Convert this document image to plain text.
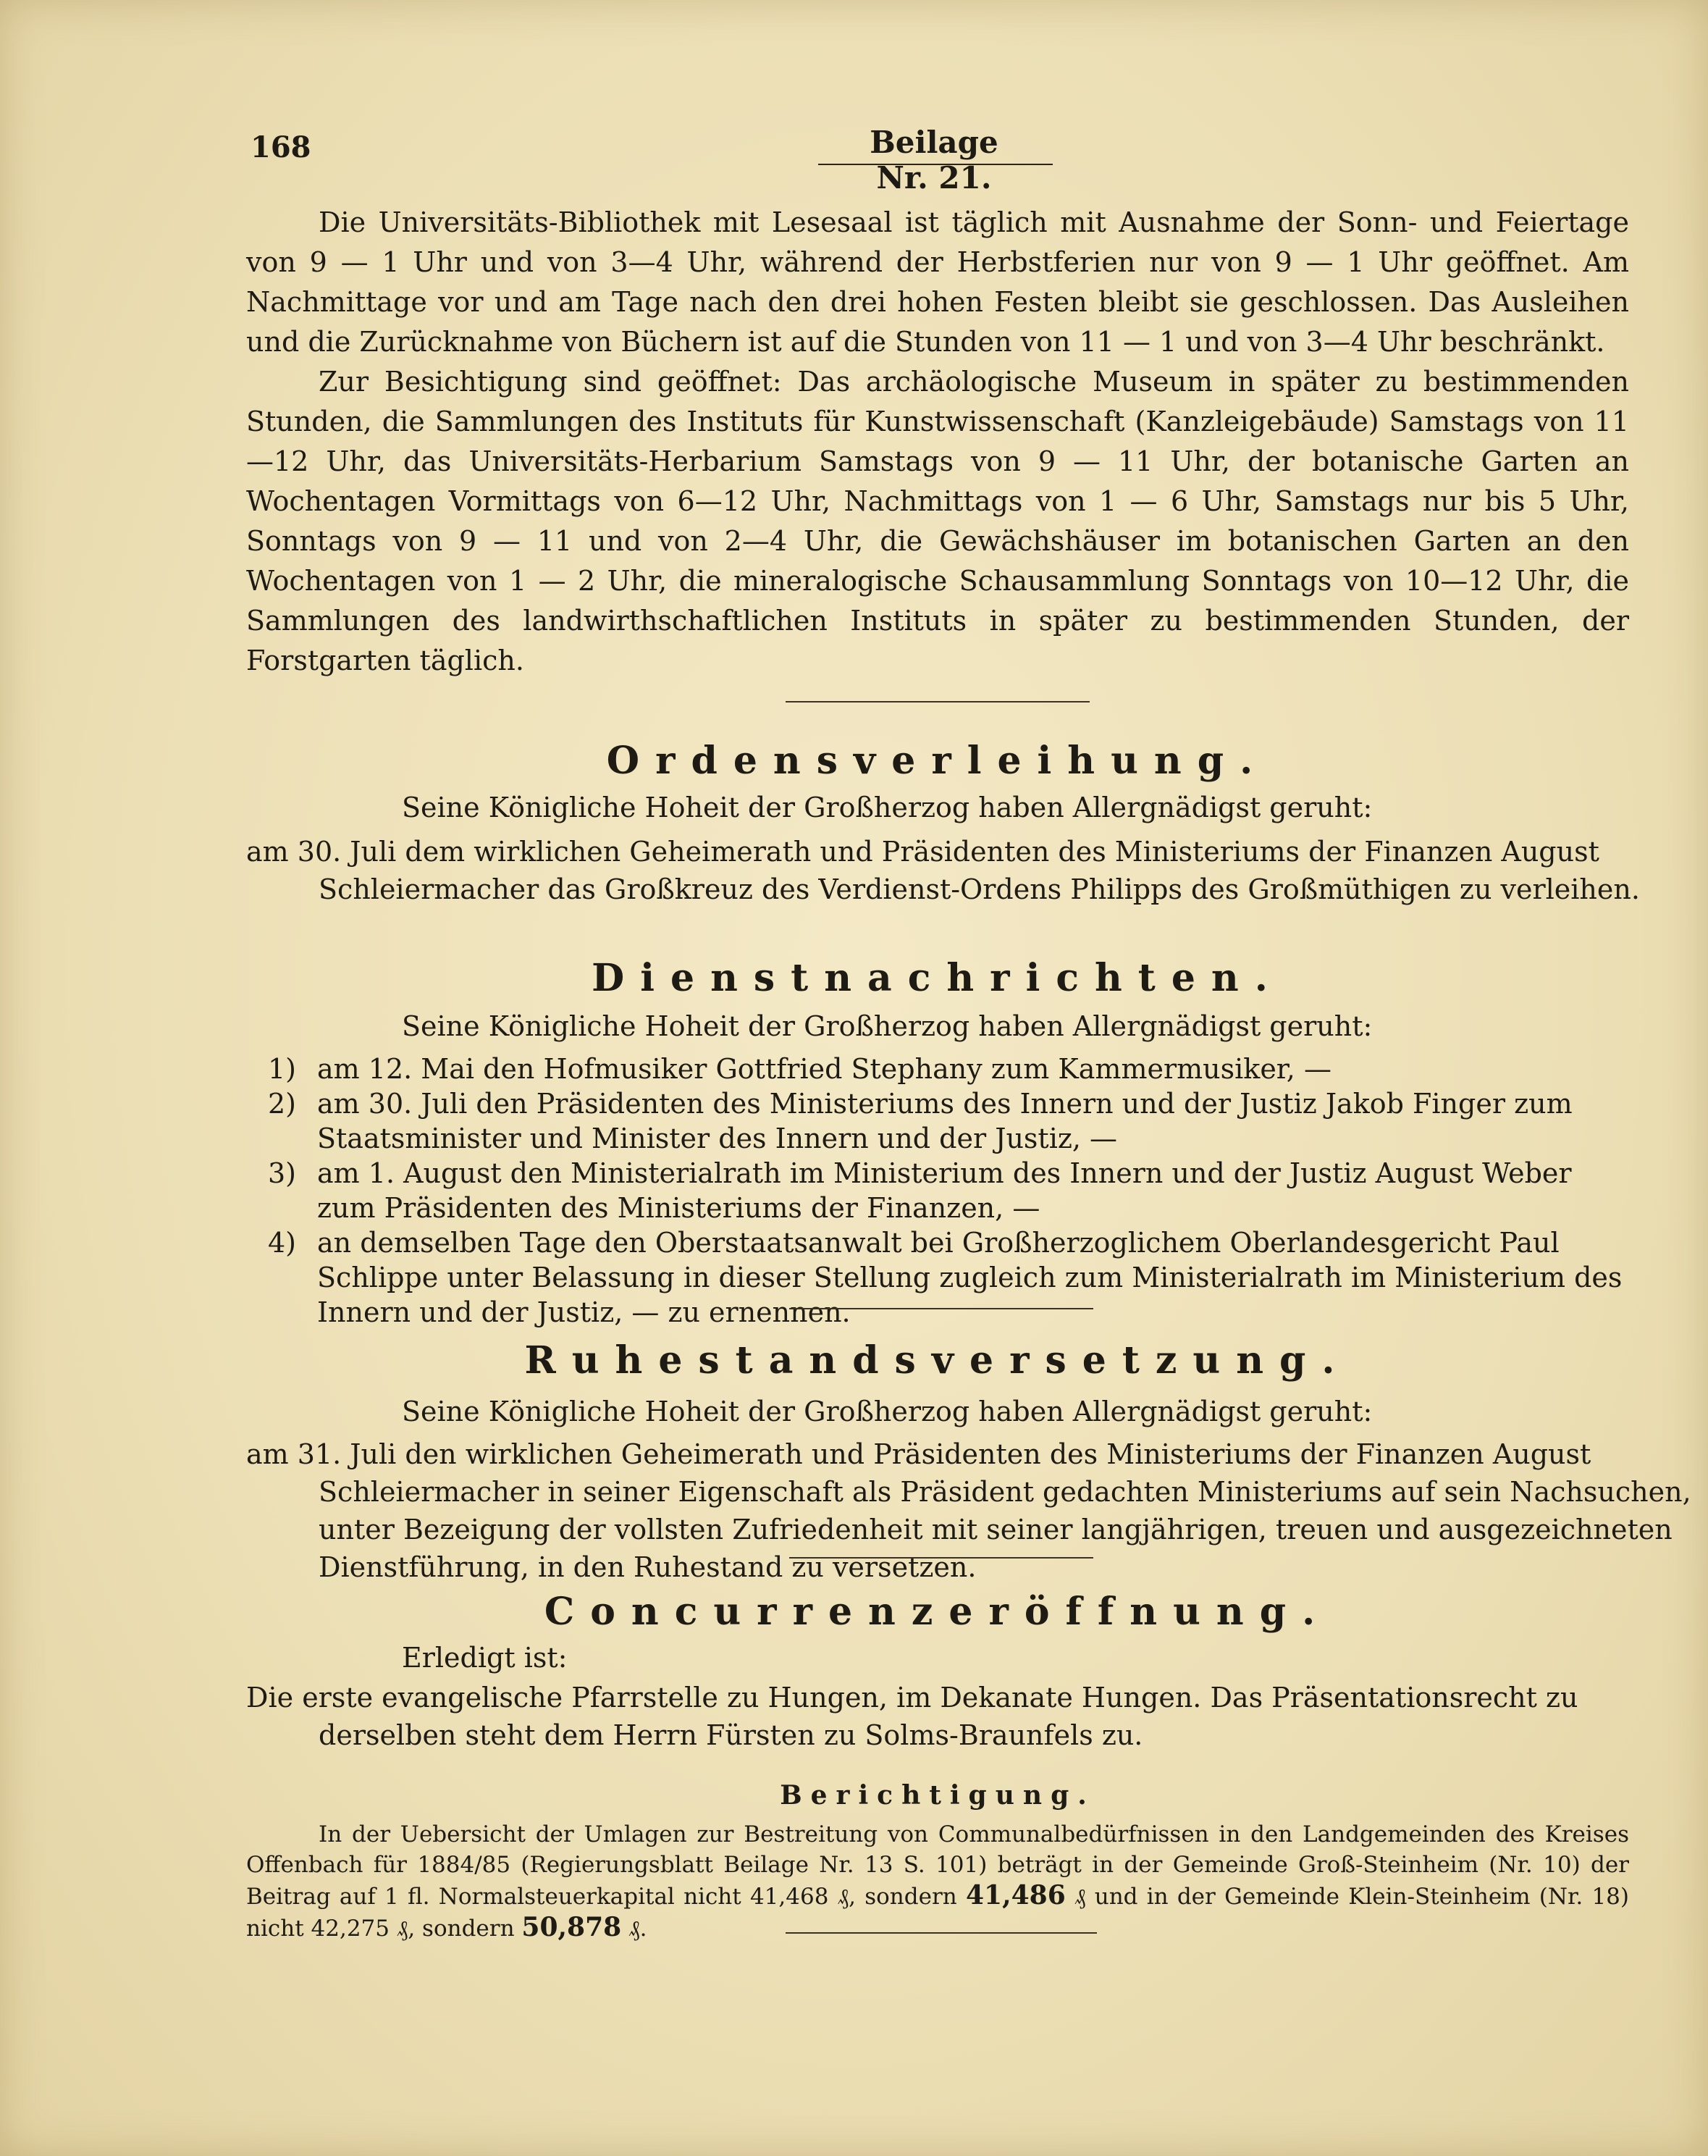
168	Beilage Nr. 21.

Die Universitäts-Bibliothek mit Lesesaal ist täglich mit Ausnahme der Sonn- und Feiertage von 9 — 1 Uhr und von 3—4 Uhr, während der Herbstferien nur von 9 — 1 Uhr geöffnet. Am Nachmittage vor und am Tage nach den drei hohen Festen bleibt sie geschlossen. Das Ausleihen und die Zurücknahme von Büchern ist auf die Stunden von 11 — 1 und von 3—4 Uhr beschränkt.

Zur Besichtigung sind geöffnet: Das archäologische Museum in später zu bestimmenden Stunden, die Sammlungen des Instituts für Kunstwissenschaft (Kanzleigebäude) Samstags von 11—12 Uhr, das Universitäts-Herbarium Samstags von 9 — 11 Uhr, der botanische Garten an Wochentagen Vormittags von 6—12 Uhr, Nachmittags von 1 — 6 Uhr, Samstags nur bis 5 Uhr, Sonntags von 9 — 11 und von 2—4 Uhr, die Gewächshäuser im botanischen Garten an den Wochentagen von 1 — 2 Uhr, die mineralogische Schausammlung Sonntags von 10—12 Uhr, die Sammlungen des landwirthschaftlichen Instituts in später zu bestimmenden Stunden, der Forstgarten täglich.

Ordensverleihung.
Seine Königliche Hoheit der Großherzog haben Allergnädigst geruht:
am 30. Juli dem wirklichen Geheimerath und Präsidenten des Ministeriums der Finanzen August Schleiermacher das Großkreuz des Verdienst-Ordens Philipps des Großmüthigen zu verleihen.
Dienstnachrichten.
Seine Königliche Hoheit der Großherzog haben Allergnädigst geruht:
1) am 12. Mai den Hofmusiker Gottfried Stephany zum Kammermusiker, —
2) am 30. Juli den Präsidenten des Ministeriums des Innern und der Justiz Jakob Finger zum Staatsminister und Minister des Innern und der Justiz, —
3) am 1. August den Ministerialrath im Ministerium des Innern und der Justiz August Weber zum Präsidenten des Ministeriums der Finanzen, —
4) an demselben Tage den Oberstaatsanwalt bei Großherzoglichem Oberlandesgericht Paul Schlippe unter Belassung in dieser Stellung zugleich zum Ministerialrath im Ministerium des Innern und der Justiz, — zu ernennen.
Ruhestandsversetzung.
Seine Königliche Hoheit der Großherzog haben Allergnädigst geruht:
am 31. Juli den wirklichen Geheimerath und Präsidenten des Ministeriums der Finanzen August Schleiermacher in seiner Eigenschaft als Präsident gedachten Ministeriums auf sein Nachsuchen, unter Bezeigung der vollsten Zufriedenheit mit seiner langjährigen, treuen und ausgezeichneten Dienstführung, in den Ruhestand zu versetzen.
Concurrenzeröffnung.
Erledigt ist:
Die erste evangelische Pfarrstelle zu Hungen, im Dekanate Hungen. Das Präsentationsrecht zu derselben steht dem Herrn Fürsten zu Solms-Braunfels zu.
Berichtigung.

In der Uebersicht der Umlagen zur Bestreitung von Communalbedürfnissen in den Landgemeinden des Kreises Offenbach für 1884/85 (Regierungsblatt Beilage Nr. 13 S. 101) beträgt in der Gemeinde Groß-Steinheim (Nr. 10) der Beitrag auf 1 fl. Normalsteuerkapital nicht 41,468 ₰, sondern 41,486 ₰ und in der Gemeinde Klein-Steinheim (Nr. 18) nicht 42,275 ₰, sondern 50,878 ₰.
